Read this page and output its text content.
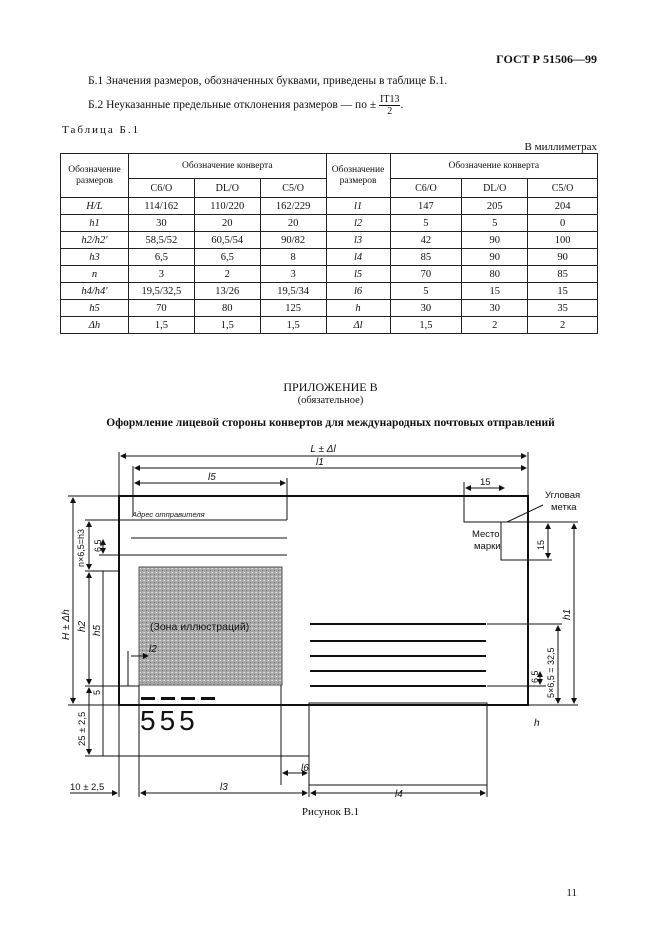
ГОСТ Р 51506—99
Б.1 Значения размеров, обозначенных буквами, приведены в таблице Б.1.
Б.2 Неуказанные предельные отклонения размеров — по ± $\frac{IT13}{2}$ .
Таблица Б.1
В миллиметрах
Обозначение размеров	Обозначение конверта			Обозначение размеров	Обозначение конверта		
	C6/O	DL/O	C5/O		C6/O	DL/O	C5/O
H/L	114/162	110/220	162/229	l1	147	205	204
h1	30	20	20	l2	5	5	0
h2/h2'	58,5/52	60,5/54	90/82	l3	42	90	100
h3	6,5	6,5	8	l4	85	90	90
n	3	2	3	l5	70	80	85
h4/h4'	19,5/32,5	13/26	19,5/34	l6	5	15	15
h5	70	80	125	h	30	30	35
Δh	1,5	1,5	1,5	Δl	1,5	2	2
ПРИЛОЖЕНИЕ В
(обязательное)
Оформление лицевой стороны конвертов для международных почтовых отправлений
L ± Δl
l1
l5	15
Угловая
метка
Место
марки
Адрес отправителя
(Зона иллюстраций)
l2
555
l6
10 ± 2,5	l3
l4
n×6,5=h3 6,5
H ± Δh h2 h5
5
25 ± 2,5
h1
6,5 5×6,5 = 32,5
15
h
Рисунок В.1
11
